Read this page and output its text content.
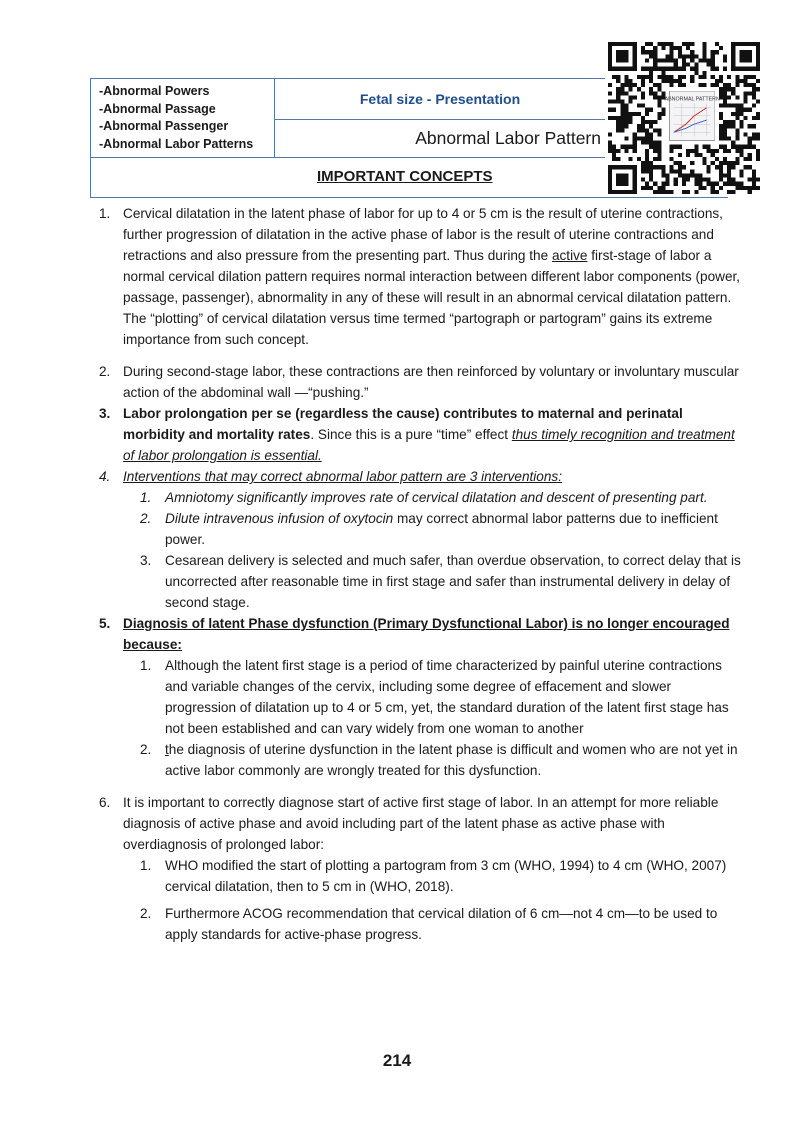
-Abnormal Powers
-Abnormal Passage
-Abnormal Passenger
-Abnormal Labor Patterns
Fetal size - Presentation
Abnormal Labor Pattern
IMPORTANT CONCEPTS
ABNORMAL PATTERN
1. Cervical dilatation in the latent phase of labor for up to 4 or 5 cm is the result of uterine contractions, further progression of dilatation in the active phase of labor is the result of uterine contractions and retractions and also pressure from the presenting part. Thus during the active first-stage of labor a normal cervical dilation pattern requires normal interaction between different labor components (power, passage, passenger), abnormality in any of these will result in an abnormal cervical dilatation pattern. The “plotting” of cervical dilatation versus time termed “partograph or partogram” gains its extreme importance from such concept.
2. During second-stage labor, these contractions are then reinforced by voluntary or involuntary muscular action of the abdominal wall —“pushing.”
3. Labor prolongation per se (regardless the cause) contributes to maternal and perinatal morbidity and mortality rates. Since this is a pure “time” effect thus timely recognition and treatment of labor prolongation is essential.
4. Interventions that may correct abnormal labor pattern are 3 interventions:
1. Amniotomy significantly improves rate of cervical dilatation and descent of presenting part.
2. Dilute intravenous infusion of oxytocin may correct abnormal labor patterns due to inefficient power.
3. Cesarean delivery is selected and much safer, than overdue observation, to correct delay that is uncorrected after reasonable time in first stage and safer than instrumental delivery in delay of second stage.
5. Diagnosis of latent Phase dysfunction (Primary Dysfunctional Labor) is no longer encouraged because:
1. Although the latent first stage is a period of time characterized by painful uterine contractions and variable changes of the cervix, including some degree of effacement and slower progression of dilatation up to 4 or 5 cm, yet, the standard duration of the latent first stage has not been established and can vary widely from one woman to another
2. the diagnosis of uterine dysfunction in the latent phase is difficult and women who are not yet in active labor commonly are wrongly treated for this dysfunction.
6. It is important to correctly diagnose start of active first stage of labor. In an attempt for more reliable diagnosis of active phase and avoid including part of the latent phase as active phase with overdiagnosis of prolonged labor:
1. WHO modified the start of plotting a partogram from 3 cm (WHO, 1994) to 4 cm (WHO, 2007) cervical dilatation, then to 5 cm in (WHO, 2018).
2. Furthermore ACOG recommendation that cervical dilation of 6 cm—not 4 cm—to be used to apply standards for active-phase progress.
214
